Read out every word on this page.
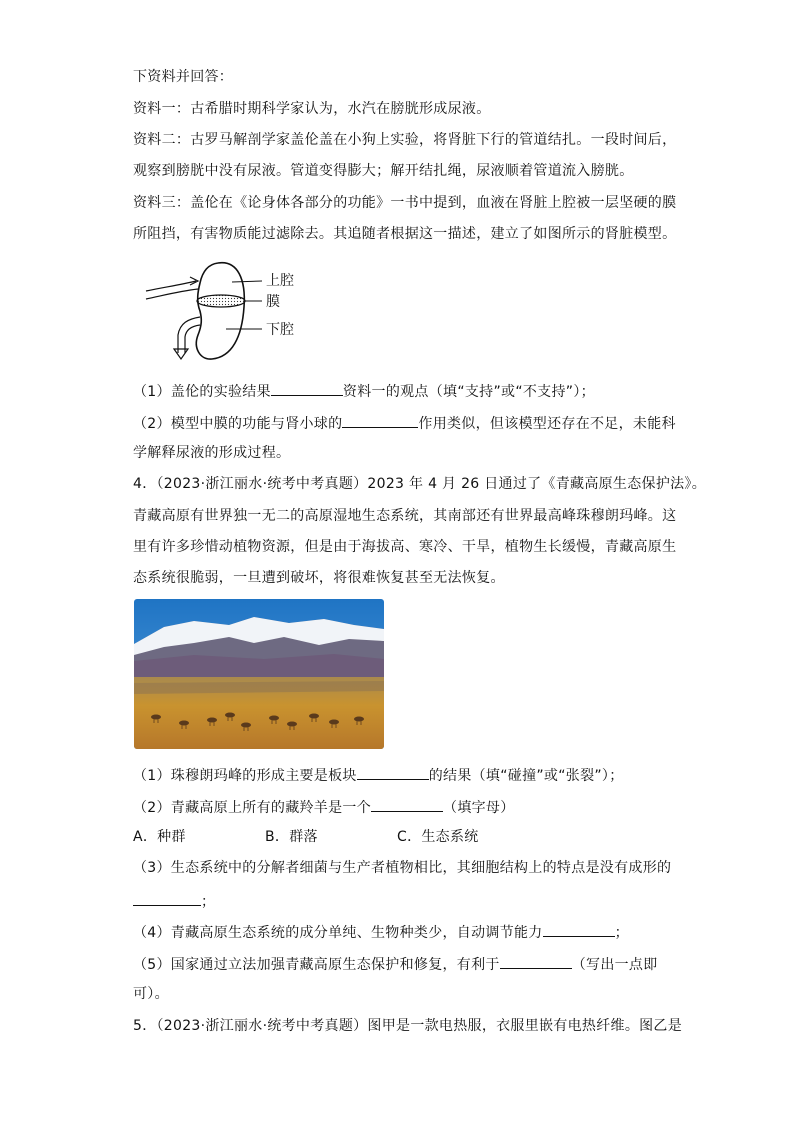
下资料并回答：
资料一：古希腊时期科学家认为，水汽在膀胱形成尿液。
资料二：古罗马解剖学家盖伦盖在小狗上实验，将肾脏下行的管道结扎。一段时间后，
观察到膀胱中没有尿液。管道变得膨大；解开结扎绳，尿液顺着管道流入膀胱。
资料三：盖伦在《论身体各部分的功能》一书中提到，血液在肾脏上腔被一层坚硬的膜
所阻挡，有害物质能过滤除去。其追随者根据这一描述，建立了如图所示的肾脏模型。
上腔
膜
下腔
（1）盖伦的实验结果	资料一的观点（填“支持”或“不支持”）；
（2）模型中膜的功能与肾小球的	作用类似，但该模型还存在不足，未能科
学解释尿液的形成过程。
4．（2023·浙江丽水·统考中考真题）2023 年 4 月 26 日通过了《青藏高原生态保护法》。
青藏高原有世界独一无二的高原湿地生态系统，其南部还有世界最高峰珠穆朗玛峰。这
里有许多珍惜动植物资源，但是由于海拔高、寒冷、干旱，植物生长缓慢，青藏高原生
态系统很脆弱，一旦遭到破坏，将很难恢复甚至无法恢复。
（1）珠穆朗玛峰的形成主要是板块	的结果（填“碰撞”或“张裂”）；
（2）青藏高原上所有的藏羚羊是一个	（填字母）
A．种群	B．群落	C．生态系统
（3）生态系统中的分解者细菌与生产者植物相比，其细胞结构上的特点是没有成形的
；
（4）青藏高原生态系统的成分单纯、生物种类少，自动调节能力	；
（5）国家通过立法加强青藏高原生态保护和修复，有利于	（写出一点即
可）。
5．（2023·浙江丽水·统考中考真题）图甲是一款电热服，衣服里嵌有电热纤维。图乙是
